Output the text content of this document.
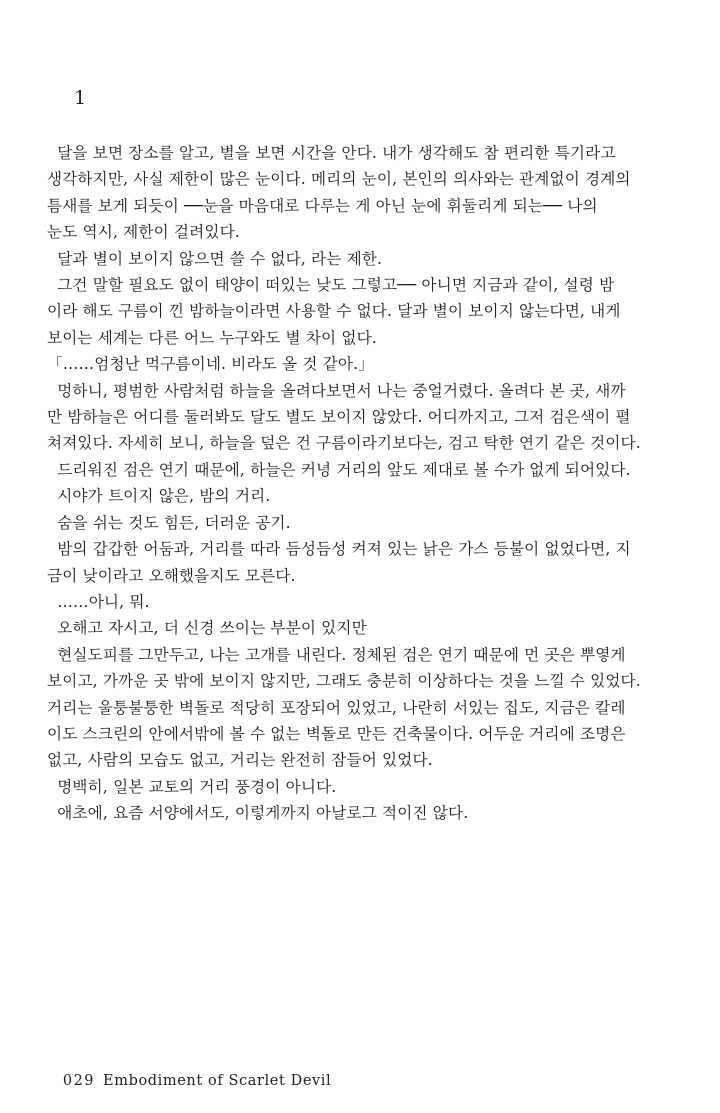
1

달을 보면 장소를 알고, 별을 보면 시간을 안다. 내가 생각해도 참 편리한 특기라고

생각하지만, 사실 제한이 많은 눈이다. 메리의 눈이, 본인의 의사와는 관계없이 경계의

틈새를 보게 되듯이 ──눈을 마음대로 다루는 게 아닌 눈에 휘둘리게 되는── 나의

눈도 역시, 제한이 걸려있다.

달과 별이 보이지 않으면 쓸 수 없다, 라는 제한.

그건 말할 필요도 없이 태양이 떠있는 낮도 그렇고── 아니면 지금과 같이, 설령 밤

이라 해도 구름이 낀 밤하늘이라면 사용할 수 없다. 달과 별이 보이지 않는다면, 내게

보이는 세계는 다른 어느 누구와도 별 차이 없다.

「……엄청난 먹구름이네. 비라도 올 것 같아.」

멍하니, 평범한 사람처럼 하늘을 올려다보면서 나는 중얼거렸다. 올려다 본 곳, 새까

만 밤하늘은 어디를 둘러봐도 달도 별도 보이지 않았다. 어디까지고, 그저 검은색이 펼

쳐져있다. 자세히 보니, 하늘을 덮은 건 구름이라기보다는, 검고 탁한 연기 같은 것이다.

드리워진 검은 연기 때문에, 하늘은 커녕 거리의 앞도 제대로 볼 수가 없게 되어있다.

시야가 트이지 않은, 밤의 거리.

숨을 쉬는 것도 힘든, 더러운 공기.

밤의 갑갑한 어둠과, 거리를 따라 듬성듬성 켜져 있는 낡은 가스 등불이 없었다면, 지

금이 낮이라고 오해했을지도 모른다.

……아니, 뭐.

오해고 자시고, 더 신경 쓰이는 부분이 있지만

현실도피를 그만두고, 나는 고개를 내린다. 정체된 검은 연기 때문에 먼 곳은 뿌옇게

보이고, 가까운 곳 밖에 보이지 않지만, 그래도 충분히 이상하다는 것을 느낄 수 있었다.

거리는 울퉁불퉁한 벽돌로 적당히 포장되어 있었고, 나란히 서있는 집도, 지금은 칼레

이도 스크린의 안에서밖에 볼 수 없는 벽돌로 만든 건축물이다. 어두운 거리에 조명은

없고, 사람의 모습도 없고, 거리는 완전히 잠들어 있었다.

명백히, 일본 교토의 거리 풍경이 아니다.

애초에, 요즘 서양에서도, 이렇게까지 아날로그 적이진 않다.

029 Embodiment of Scarlet Devil
